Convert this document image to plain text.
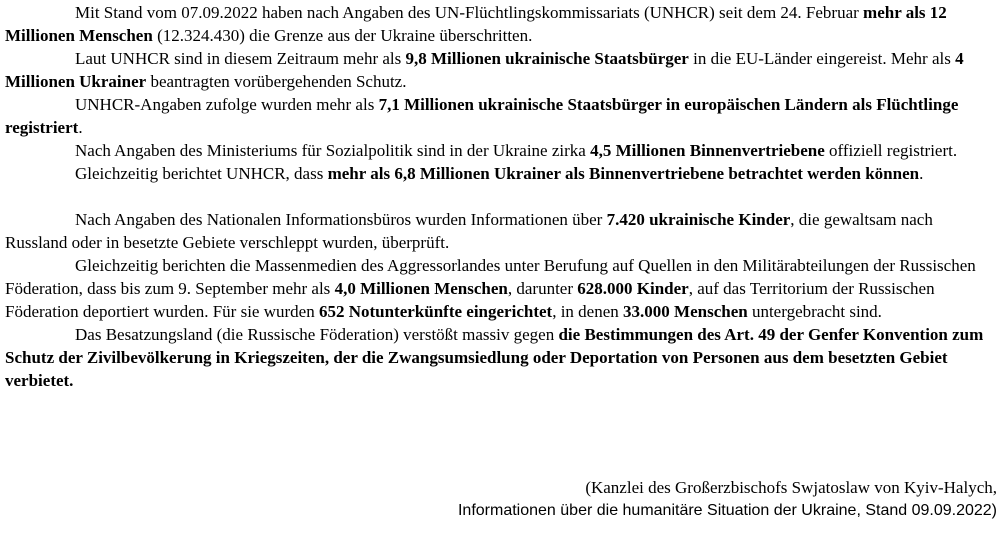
Mit Stand vom 07.09.2022 haben nach Angaben des UN-Flüchtlingskommissariats (UNHCR) seit dem 24. Februar mehr als 12 Millionen Menschen (12.324.430) die Grenze aus der Ukraine überschritten.

Laut UNHCR sind in diesem Zeitraum mehr als 9,8 Millionen ukrainische Staatsbürger in die EU-Länder eingereist. Mehr als 4 Millionen Ukrainer beantragten vorübergehenden Schutz.

UNHCR-Angaben zufolge wurden mehr als 7,1 Millionen ukrainische Staatsbürger in europäischen Ländern als Flüchtlinge registriert.

Nach Angaben des Ministeriums für Sozialpolitik sind in der Ukraine zirka 4,5 Millionen Binnenvertriebene offiziell registriert.

Gleichzeitig berichtet UNHCR, dass mehr als 6,8 Millionen Ukrainer als Binnenvertriebene betrachtet werden können.

Nach Angaben des Nationalen Informationsbüros wurden Informationen über 7.420 ukrainische Kinder, die gewaltsam nach Russland oder in besetzte Gebiete verschleppt wurden, überprüft.

Gleichzeitig berichten die Massenmedien des Aggressorlandes unter Berufung auf Quellen in den Militärabteilungen der Russischen Föderation, dass bis zum 9. September mehr als 4,0 Millionen Menschen, darunter 628.000 Kinder, auf das Territorium der Russischen Föderation deportiert wurden. Für sie wurden 652 Notunterkünfte eingerichtet, in denen 33.000 Menschen untergebracht sind.

Das Besatzungsland (die Russische Föderation) verstößt massiv gegen die Bestimmungen des Art. 49 der Genfer Konvention zum Schutz der Zivilbevölkerung in Kriegszeiten, der die Zwangsumsiedlung oder Deportation von Personen aus dem besetzten Gebiet verbietet.

(Kanzlei des Großerzbischofs Swjatoslaw von Kyiv-Halych,
Informationen über die humanitäre Situation der Ukraine, Stand 09.09.2022)
